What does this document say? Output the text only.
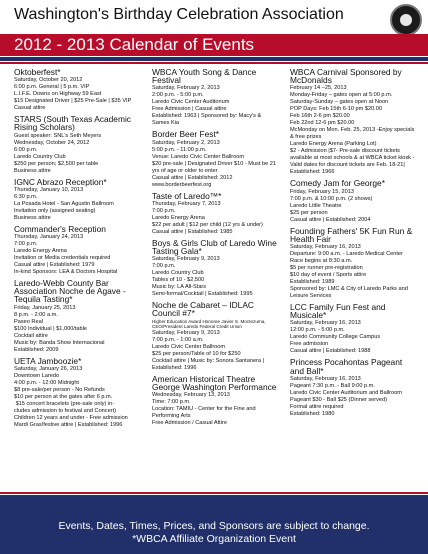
Washington's Birthday Celebration Association
2012 - 2013 Calendar of Events
Oktoberfest*
Saturday, October 20, 2012
6:00 p.m. General | 5 p.m. VIP
L.I.F.E. Downs on Highway 59 East
$15 Designated Driver | $25 Pre-Sale | $35 VIP
Casual attire
STARS (South Texas Academic Rising Scholars)
Guest speaker: SNL's Seth Meyers
Wednesday, October 24, 2012
6:00 p.m.
Laredo Country Club
$250 per person; $2,500 per table
Business attire
IGNC Abrazo Reception*
Thursday, January 10, 2013
6:30 p.m.
La Posada Hotel - San Agustin Ballroom
Invitation only (assigned seating)
Business attire
Commander's Reception
Thursday, January 24, 2013
7:00 p.m.
Laredo Energy Arena
Invitation or Media credentials required
Casual attire | Established: 1979
In-kind Sponsors: LEA & Doctors Hospital
Laredo-Webb County Bar Association Noche de Agave - Tequila Tasting*
Friday, January 25, 2013
8 p.m. - 2:00 a.m.
Paseo Real
$100 Individual | $1,000/table
Cocktail attire
Music by: Banda Show Internacional
Established: 2009
UETA Jamboozie*
Saturday, January 26, 2013
Downtown Laredo
4:00 p.m. - 12:00 Midnight
$8 pre-sale/per person - No Refunds
$10 per person at the gates after 6 p.m.
$15 concert bracelets (pre-sale only) in-
cludes admission to festival and Concert)
Children 12 years and under - Free admission
Mardi Gras/festive attire | Established: 1996
WBCA Youth Song & Dance Festival
Saturday, February 2, 2013
2:00 p.m. - 5:00 p.m.
Laredo Civic Center Auditorium
Free Admission | Casual attire
Established: 1963 | Sponsored by: Macy's & Sames Kia
Border Beer Fest*
Saturday, February 2, 2013
5:00 p.m. - 11:00 p.m.
Venue: Laredo Civic Center Ballroom
$20 pre-sale | Designated Driver $10 - Must be 21 yrs of age or older to enter
Casual attire | Established: 2012
www.borderbeerfest.org
Taste of Laredo™*
Thursday, February 7, 2013
7:00 p.m.
Laredo Energy Arena
$22 per adult | $12 per child (12 yrs & under)
Casual attire | Established: 1985
Boys & Girls Club of Laredo Wine Tasting Gala*
Saturday, February 9, 2013
7:00 p.m.
Laredo Country Club
Tables of 10 - $2,500
Music by: LA All-Stars
Semi-formal/Cocktail | Established: 1995
Noche de Cabaret – IDLAC Council #7*
Higher Education Award Honoree Javier S. Moctezuma, CEO/President Laredo Federal Credit Union
Saturday, February 9, 2013
7:00 p.m. - 1:00 a.m.
Laredo Civic Center Ballroom
$25 per person/Table of 10 for $250
Cocktail attire | Music by: Sonora Santanera | Established: 1996
American Historical Theatre George Washington Performance
Wednesday, February 13, 2013
Time: 7:00 p.m.
Location: TAMIU - Center for the Fine and Performing Arts
Free Admission / Casual Attire
WBCA Carnival Sponsored by McDonalds
February 14 –25, 2013
Monday-Friday – gates open at 5:00 p.m.
Saturday-Sunday – gates open at Noon
POP Days: Feb 15th 6-10 pm $20.00
Feb 16th 2-6 pm $20.00
Feb 22nd 12-6 pm $20.00
McMonday on Mon. Feb. 25, 2013 -Enjoy specials & free prizes
Laredo Energy Arena (Parking Lot)
$2 - Admission |$7- Pre-sale discount tickets available at most schools & at WBCA ticket kiosk -Valid dates for discount tickets are Feb. 18-21| Established: 1966
Comedy Jam for George*
Friday, February 15, 2013
7:00 p.m. & 10:00 p.m. (2 shows)
Laredo Little Theatre
$25 per person
Casual attire | Established: 2004
Founding Fathers' 5K Fun Run & Health Fair
Saturday, February 16, 2013
Departure: 9:00 a.m. - Laredo Medical Center
Race begins at 8:30 a.m.
$5 per runner pre-registration
$10 day of event / Sports attire
Established: 1989
Sponsored by: LMC & City of Laredo Parks and Leisure Services
LCC Family Fun Fest and Musicale*
Saturday, February 16, 2013
12:00 p.m. - 5:00 p.m.
Laredo Community College Campus
Free admission
Casual attire | Established: 1988
Princess Pocahontas Pageant and Ball*
Saturday, February 16, 2013
Pageant 7:30 p.m. - Ball 9:00 p.m.
Laredo Civic Center Auditorium and Ballroom
Pageant $30 - Ball $25 (Dinner served)
Formal attire required
Established: 1980
Events, Dates, Times, Prices, and Sponsors are subject to change.
*WBCA Affiliate Organization Event
